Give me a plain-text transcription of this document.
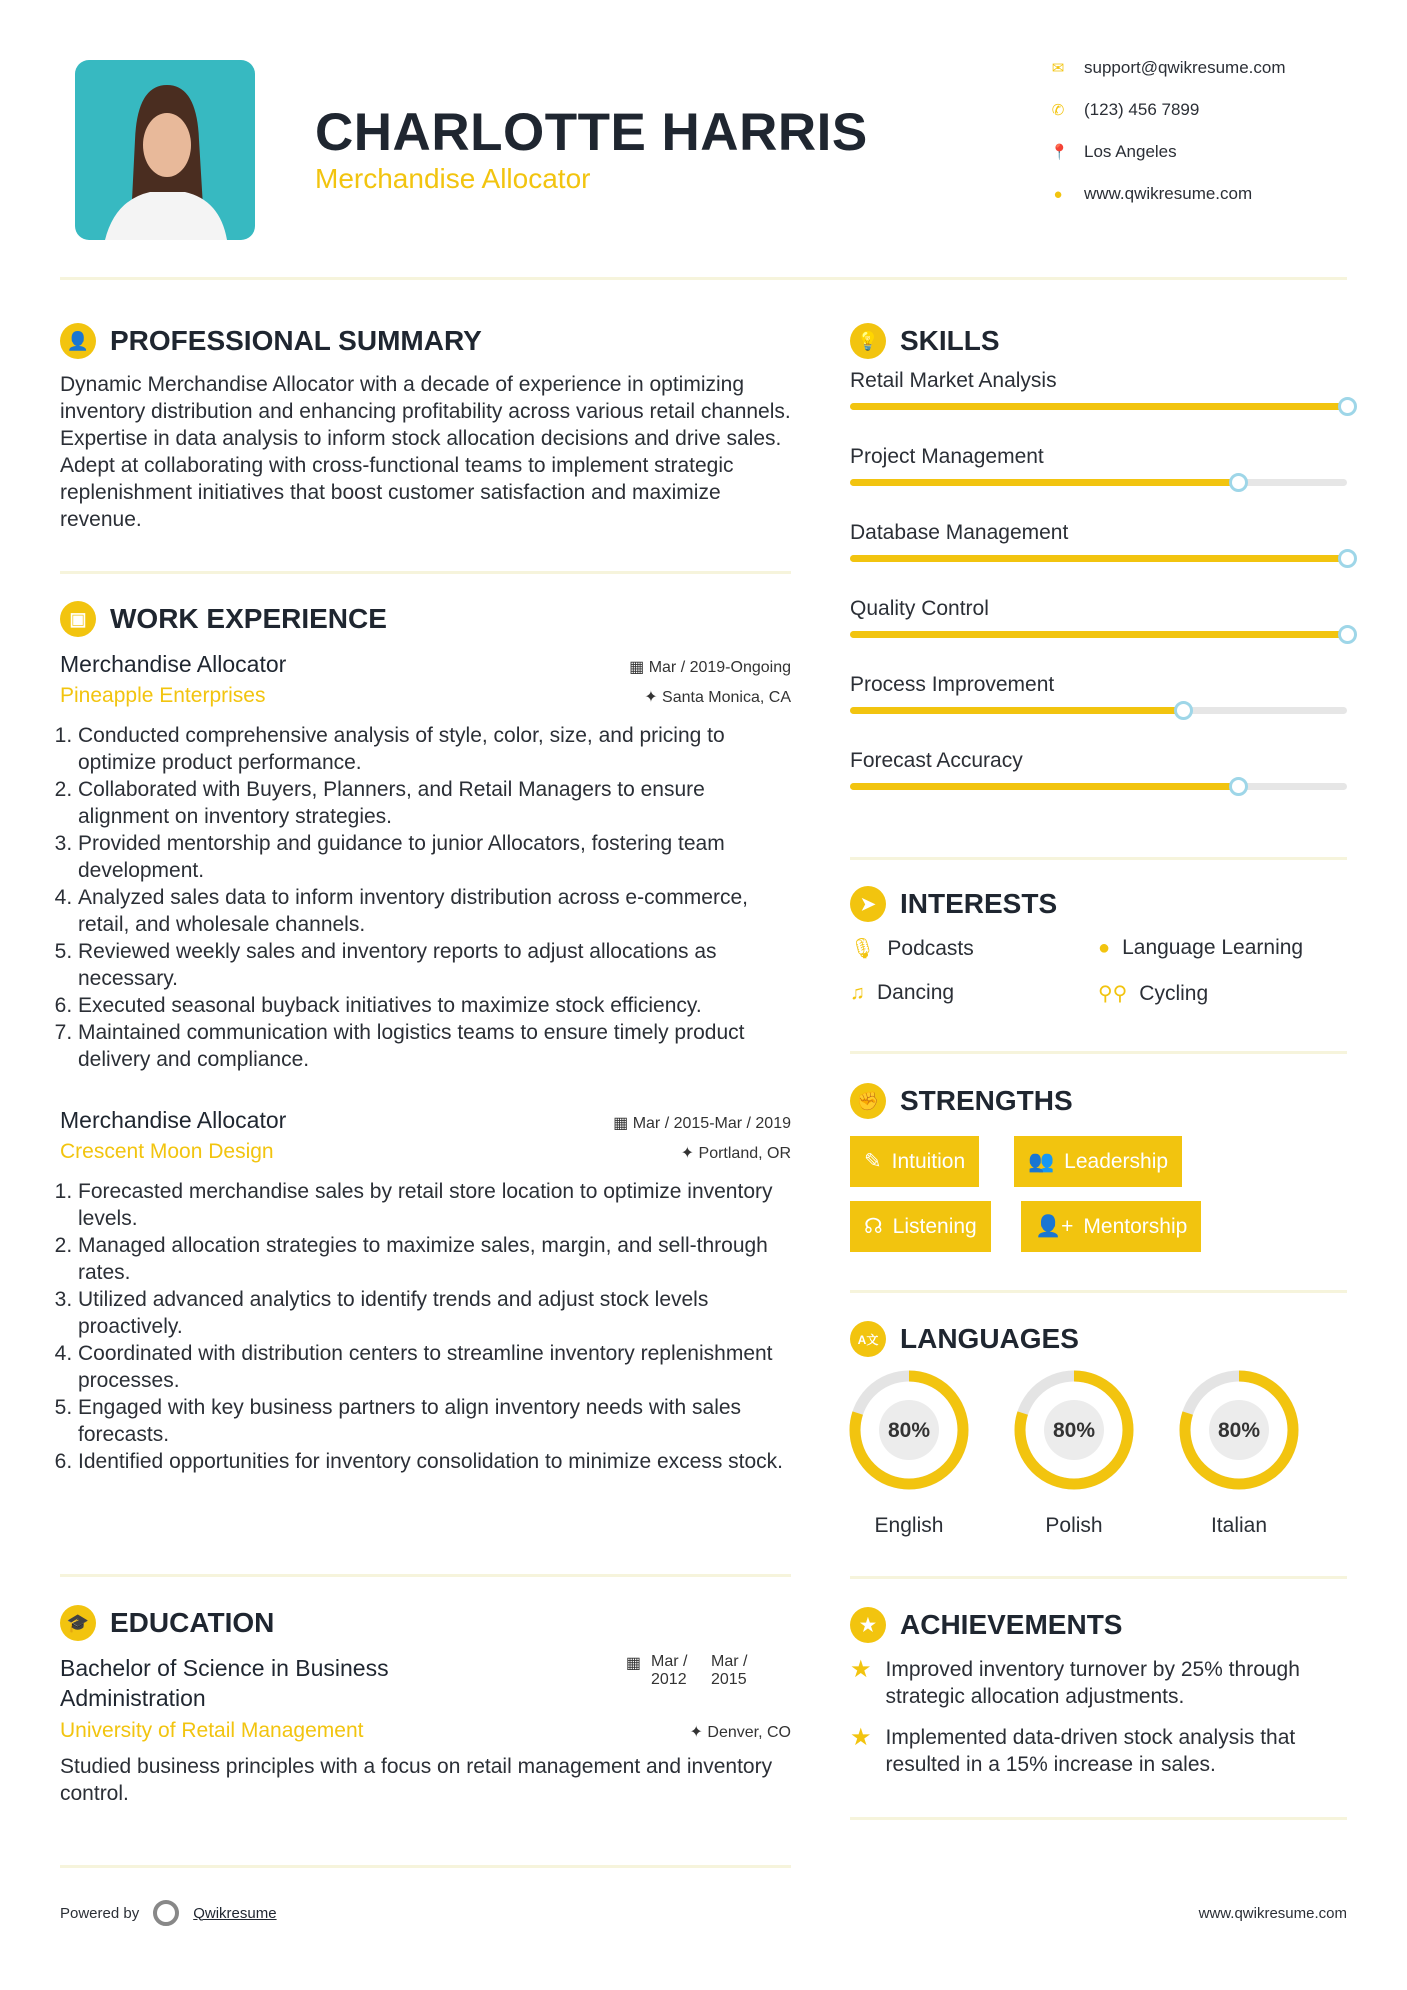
CHARLOTTE HARRIS
Merchandise Allocator
✉ support@qwikresume.com
✆ (123) 456 7899
📍 Los Angeles
● www.qwikresume.com
👤 PROFESSIONAL SUMMARY

Dynamic Merchandise Allocator with a decade of experience in optimizing inventory distribution and enhancing profitability across various retail channels. Expertise in data analysis to inform stock allocation decisions and drive sales. Adept at collaborating with cross-functional teams to implement strategic replenishment initiatives that boost customer satisfaction and maximize revenue.

▣ WORK EXPERIENCE
Merchandise Allocator	▦ Mar / 2019-Ongoing
Pineapple Enterprises	✦ Santa Monica, CA
1. Conducted comprehensive analysis of style, color, size, and pricing to optimize product performance.
2. Collaborated with Buyers, Planners, and Retail Managers to ensure alignment on inventory strategies.
3. Provided mentorship and guidance to junior Allocators, fostering team development.
4. Analyzed sales data to inform inventory distribution across e-commerce, retail, and wholesale channels.
5. Reviewed weekly sales and inventory reports to adjust allocations as necessary.
6. Executed seasonal buyback initiatives to maximize stock efficiency.
7. Maintained communication with logistics teams to ensure timely product delivery and compliance.
Merchandise Allocator	▦ Mar / 2015-Mar / 2019
Crescent Moon Design	✦ Portland, OR
1. Forecasted merchandise sales by retail store location to optimize inventory levels.
2. Managed allocation strategies to maximize sales, margin, and sell-through rates.
3. Utilized advanced analytics to identify trends and adjust stock levels proactively.
4. Coordinated with distribution centers to streamline inventory replenishment processes.
5. Engaged with key business partners to align inventory needs with sales forecasts.
6. Identified opportunities for inventory consolidation to minimize excess stock.
🎓 EDUCATION
Bachelor of Science in Business Administration
▦ Mar / 2012
Mar / 2015
University of Retail Management	✦ Denver, CO

Studied business principles with a focus on retail management and inventory control.

Powered by	Qwikresume	www.qwikresume.com
💡 SKILLS
Retail Market Analysis
Project Management
Database Management
Quality Control
Process Improvement
Forecast Accuracy
➤ INTERESTS
🎙 Podcasts	● Language Learning
♫ Dancing	⚲⚲ Cycling
✊ STRENGTHS
✎ Intuition	👥 Leadership
☊ Listening	👤+ Mentorship
A文 LANGUAGES
80%
English
80%
Polish
80%
Italian
★ ACHIEVEMENTS
★ Improved inventory turnover by 25% through strategic allocation adjustments.
★ Implemented data-driven stock analysis that resulted in a 15% increase in sales.
